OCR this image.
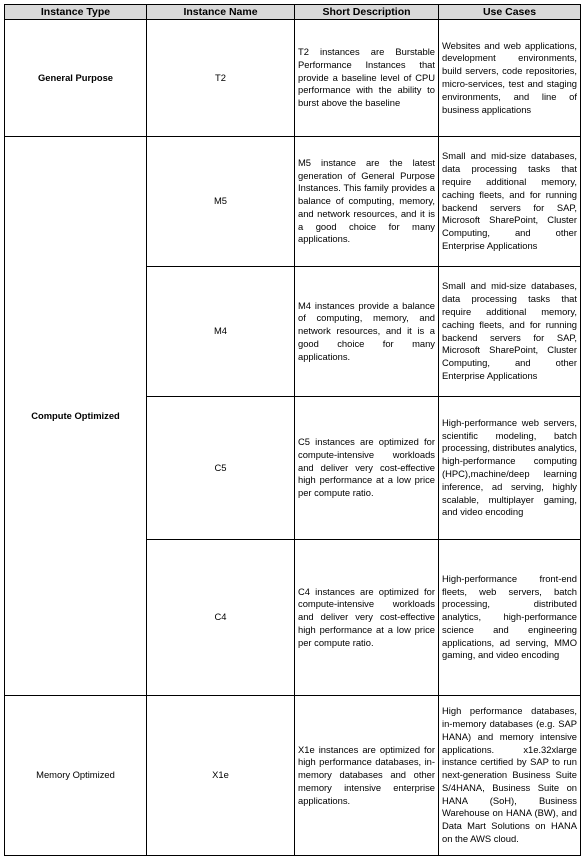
Instance Type	Instance Name	Short Description	Use Cases
General Purpose	T2	T2 instances are Burstable Performance Instances that provide a baseline level of CPU performance with the ability to burst above the baseline	Websites and web applications, development environments, build servers, code repositories, micro-services, test and staging environments, and line of business applications
Compute Optimized	M5	M5 instance are the latest generation of General Purpose Instances. This family provides a balance of computing, memory, and network resources, and it is a good choice for many applications.	Small and mid-size databases, data processing tasks that require additional memory, caching fleets, and for running backend servers for SAP, Microsoft SharePoint, Cluster Computing, and other Enterprise Applications
	M4	M4 instances provide a balance of computing, memory, and network resources, and it is a good choice for many applications.	Small and mid-size databases, data processing tasks that require additional memory, caching fleets, and for running backend servers for SAP, Microsoft SharePoint, Cluster Computing, and other Enterprise Applications
	C5	C5 instances are optimized for compute-intensive workloads and deliver very cost-effective high performance at a low price per compute ratio.	High-performance web servers, scientific modeling, batch processing, distributes analytics, high-performance computing (HPC),machine/deep learning inference, ad serving, highly scalable, multiplayer gaming, and video encoding
	C4	C4 instances are optimized for compute-intensive workloads and deliver very cost-effective high performance at a low price per compute ratio.	High-performance front-end fleets, web servers, batch processing, distributed analytics, high-performance science and engineering applications, ad serving, MMO gaming, and video encoding
Memory Optimized	X1e	X1e instances are optimized for high performance databases, in-memory databases and other memory intensive enterprise applications.	High performance databases, in-memory databases (e.g. SAP HANA) and memory intensive applications. x1e.32xlarge instance certified by SAP to run next-generation Business Suite S/4HANA, Business Suite on HANA (SoH), Business Warehouse on HANA (BW), and Data Mart Solutions on HANA on the AWS cloud.
